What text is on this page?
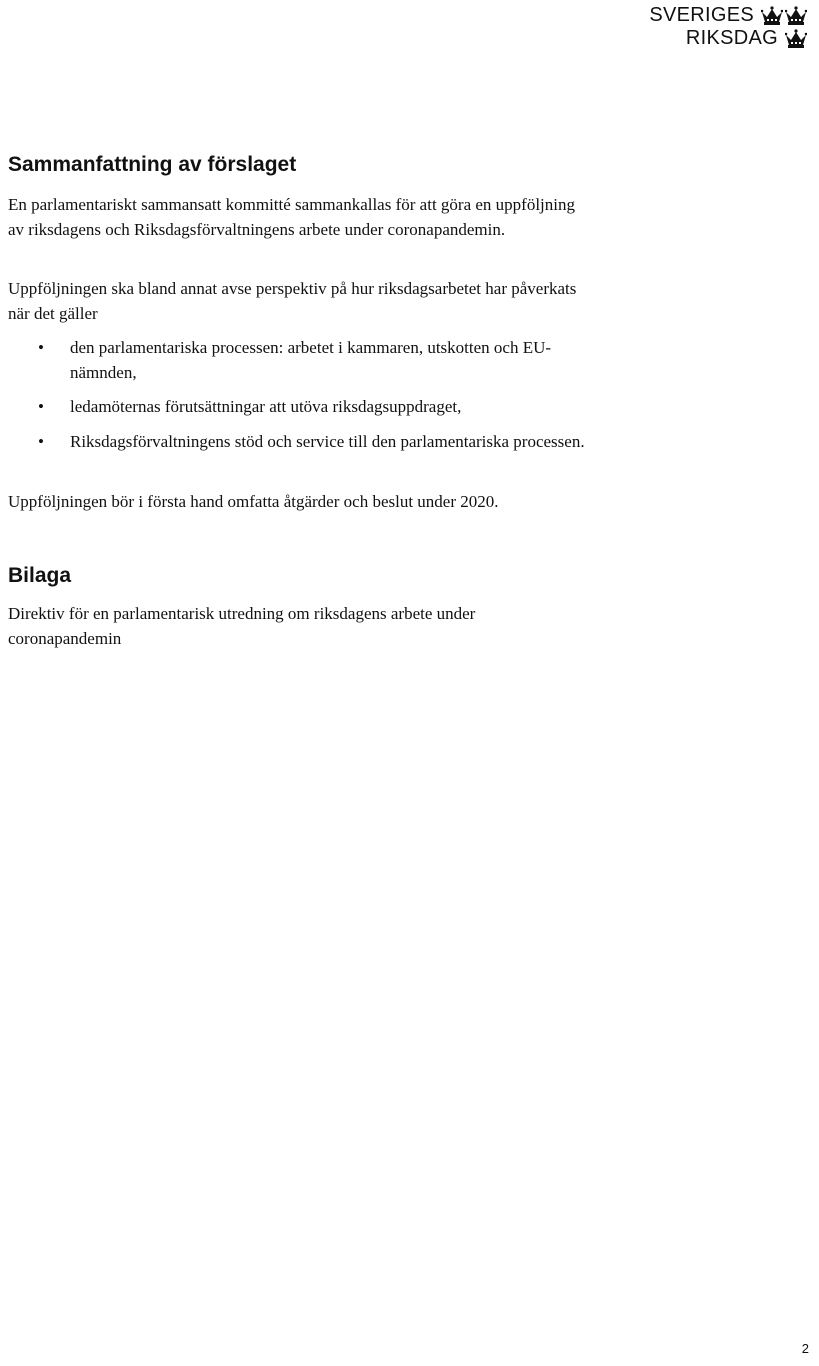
SVERIGES
RIKSDAG
Sammanfattning av förslaget

En parlamentariskt sammansatt kommitté sammankallas för att göra en uppföljning av riksdagens och Riksdagsförvaltningens arbete under coronapandemin.

Uppföljningen ska bland annat avse perspektiv på hur riksdagsarbetet har påverkats när det gäller

• den parlamentariska processen: arbetet i kammaren, utskotten och EU-nämnden,
• ledamöternas förutsättningar att utöva riksdagsuppdraget,
• Riksdagsförvaltningens stöd och service till den parlamentariska processen.

Uppföljningen bör i första hand omfatta åtgärder och beslut under 2020.

Bilaga

Direktiv för en parlamentarisk utredning om riksdagens arbete under coronapandemin

2
